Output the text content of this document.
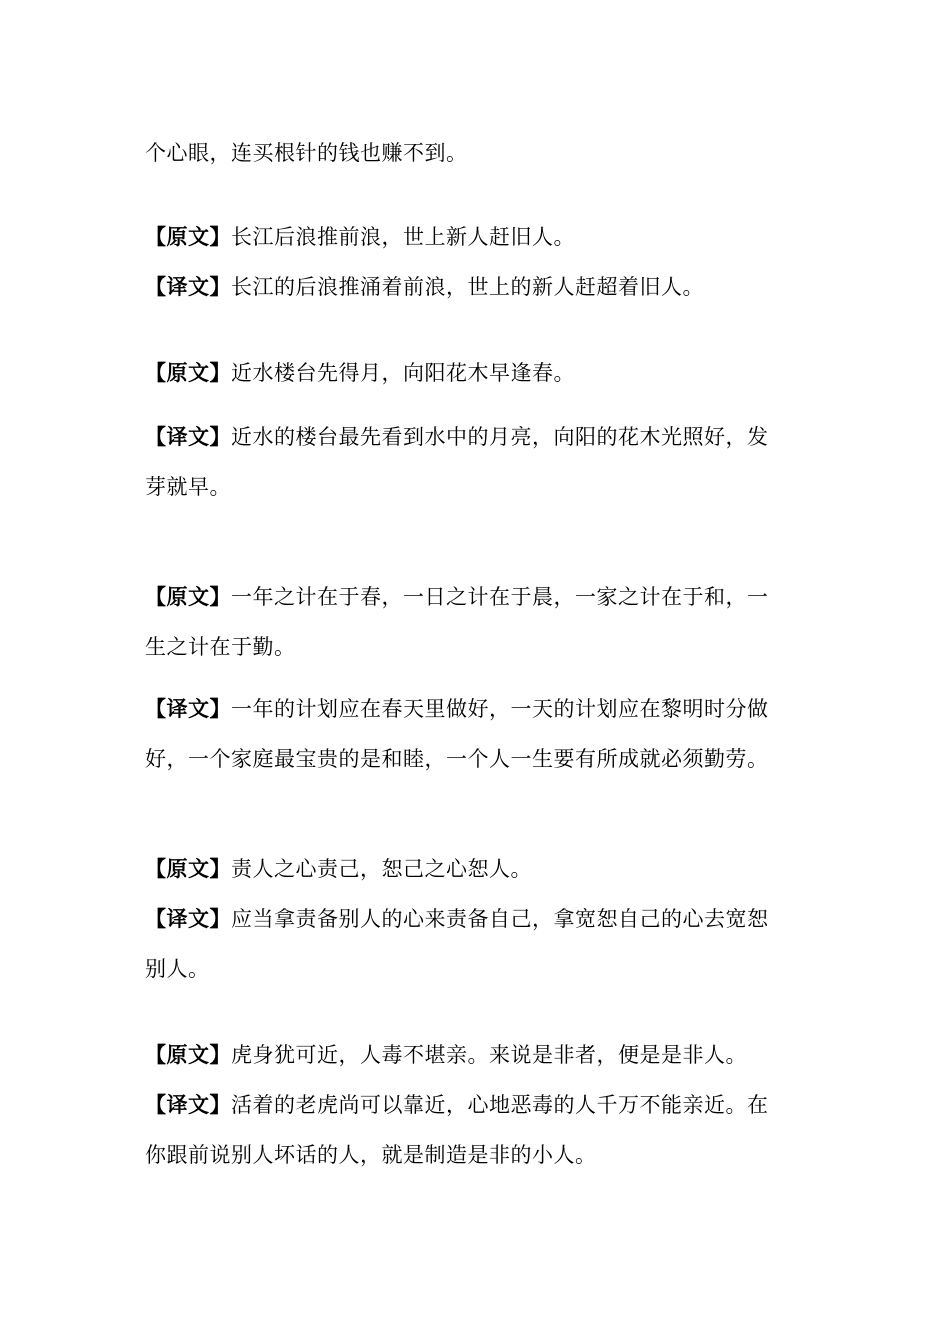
个心眼，连买根针的钱也赚不到。
【原文】长江后浪推前浪，世上新人赶旧人。
【译文】长江的后浪推涌着前浪，世上的新人赶超着旧人。
【原文】近水楼台先得月，向阳花木早逢春。
【译文】近水的楼台最先看到水中的月亮，向阳的花木光照好，发
芽就早。
【原文】一年之计在于春，一日之计在于晨，一家之计在于和，一
生之计在于勤。
【译文】一年的计划应在春天里做好，一天的计划应在黎明时分做
好，一个家庭最宝贵的是和睦，一个人一生要有所成就必须勤劳。
【原文】责人之心责己，恕己之心恕人。
【译文】应当拿责备别人的心来责备自己，拿宽恕自己的心去宽恕
别人。
【原文】虎身犹可近，人毒不堪亲。来说是非者，便是是非人。
【译文】活着的老虎尚可以靠近，心地恶毒的人千万不能亲近。在
你跟前说别人坏话的人，就是制造是非的小人。
